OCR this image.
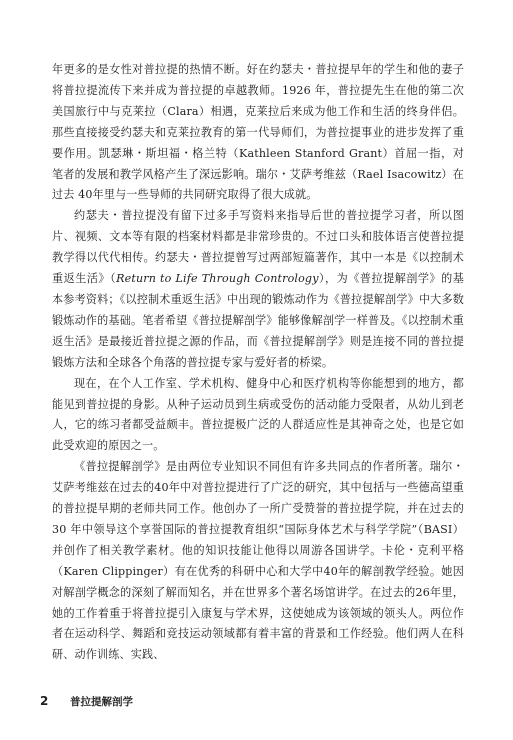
年更多的是女性对普拉提的热情不断。好在约瑟夫・普拉提早年的学生和他的妻子将普拉提流传下来并成为普拉提的卓越教师。1926 年，普拉提先生在他的第二次美国旅行中与克莱拉（Clara）相遇，克莱拉后来成为他工作和生活的终身伴侣。那些直接接受约瑟夫和克莱拉教育的第一代导师们，为普拉提事业的进步发挥了重要作用。凯瑟琳・斯坦福・格兰特（Kathleen Stanford Grant）首屈一指，对笔者的发展和教学风格产生了深远影响。瑞尔・艾萨考维兹（Rael Isacowitz）在过去 40年里与一些导师的共同研究取得了很大成就。

约瑟夫・普拉提没有留下过多手写资料来指导后世的普拉提学习者，所以图片、视频、文本等有限的档案材料都是非常珍贵的。不过口头和肢体语言使普拉提教学得以代代相传。约瑟夫・普拉提曾写过两部短篇著作，其中一本是《以控制术重返生活》（Return to Life Through Contrology），为《普拉提解剖学》的基本参考资料；《以控制术重返生活》中出现的锻炼动作为《普拉提解剖学》中大多数锻炼动作的基础。笔者希望《普拉提解剖学》能够像解剖学一样普及。《以控制术重返生活》是最接近普拉提之源的作品，而《普拉提解剖学》则是连接不同的普拉提锻炼方法和全球各个角落的普拉提专家与爱好者的桥梁。

现在，在个人工作室、学术机构、健身中心和医疗机构等你能想到的地方，都能见到普拉提的身影。从种子运动员到生病或受伤的活动能力受限者，从幼儿到老人，它的练习者都受益颇丰。普拉提极广泛的人群适应性是其神奇之处，也是它如此受欢迎的原因之一。

《普拉提解剖学》是由两位专业知识不同但有许多共同点的作者所著。瑞尔・艾萨考维兹在过去的40年中对普拉提进行了广泛的研究，其中包括与一些德高望重的普拉提早期的老师共同工作。他创办了一所广受赞誉的普拉提学院，并在过去的 30 年中领导这个享誉国际的普拉提教育组织“国际身体艺术与科学学院”（BASI）并创作了相关教学素材。他的知识技能让他得以周游各国讲学。卡伦・克利平格（Karen Clippinger）有在优秀的科研中心和大学中40年的解剖教学经验。她因对解剖学概念的深刻了解而知名，并在世界多个著名场馆讲学。在过去的26年里，她的工作着重于将普拉提引入康复与学术界，这使她成为该领域的领头人。两位作者在运动科学、舞蹈和竞技运动领域都有着丰富的背景和工作经验。他们两人在科研、动作训练、实践、

2	普拉提解剖学
